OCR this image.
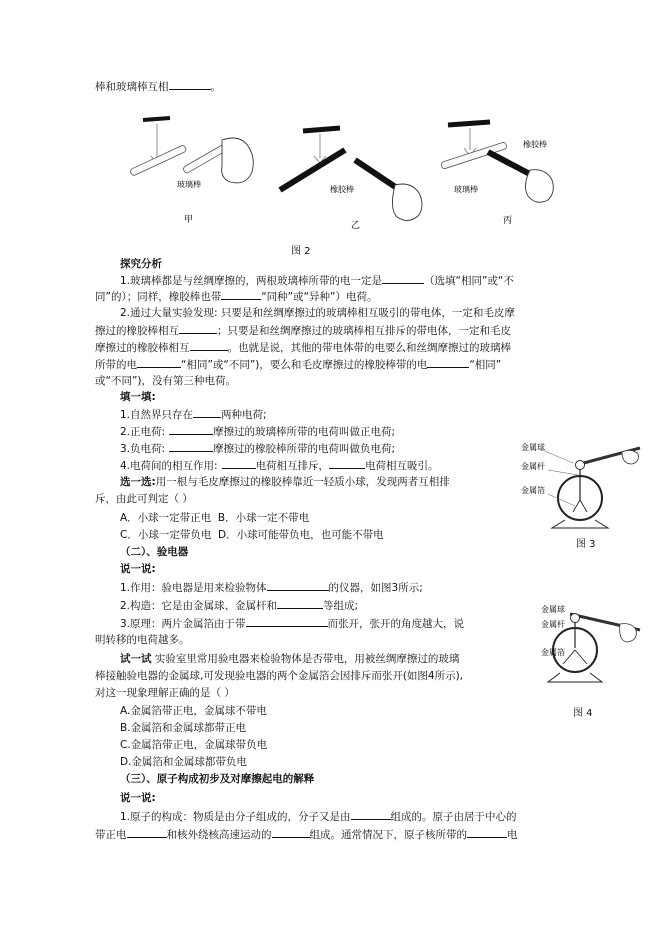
棒和玻璃棒互相	。
玻璃棒
甲
橡胶棒
乙
橡胶棒
玻璃棒
丙
金属球
金属杆
金属箔
金属球
金属杆
金属箔
图 2
探究分析
1.玻璃棒都是与丝绸摩擦的，两根玻璃棒所带的电一定是	（选填“相同”或“不
同”的）；同样，橡胶棒也带	“同种”或“异种”）电荷。
2.通过大量实验发现: 只要是和丝绸摩擦过的玻璃棒相互吸引的带电体，一定和毛皮摩
擦过的橡胶棒相互	；只要是和丝绸摩擦过的玻璃棒相互排斥的带电体，一定和毛皮
摩擦过的橡胶棒相互	。也就是说，其他的带电体带的电要么和丝绸摩擦过的玻璃棒
所带的电	“相同”或“不同”)，要么和毛皮摩擦过的橡胶棒带的电	“相同”
或“不同”)，没有第三种电荷。
填一填:
1.自然界只存在	两种电荷;
2.正电荷:	摩擦过的玻璃棒所带的电荷叫做正电荷;
3.负电荷:	摩擦过的橡胶棒所带的电荷叫做负电荷;
4.电荷间的相互作用:	电荷相互排斥，	电荷相互吸引。
选一选:用一根与毛皮摩擦过的橡胶棒靠近一轻质小球，发现两者互相排
斥，由此可判定（ ）
A．小球一定带正电 B．小球一定不带电
C．小球一定带负电 D．小球可能带负电，也可能不带电
图 3
（二）、验电器
说一说:
1.作用：验电器是用来检验物体	的仪器，如图3所示;
2.构造：它是由金属球、金属杆和	等组成;
3.原理：两片金属箔由于带	而张开，张开的角度越大，说
明转移的电荷越多。
试一试 实验室里常用验电器来检验物体是否带电，用被丝绸摩擦过的玻璃
棒接触验电器的金属球,可发现验电器的两个金属箔会因排斥而张开(如图4所示),
对这一现象理解正确的是（ ）
图 4
A.金属箔带正电，金属球不带电
B.金属箔和金属球都带正电
C.金属箔带正电，金属球带负电
D.金属箔和金属球都带负电
（三）、原子构成初步及对摩擦起电的解释
说一说:
1.原子的构成：物质是由分子组成的，分子又是由	组成的。原子由居于中心的
带正电	和核外绕核高速运动的	组成。通常情况下，原子核所带的	电
